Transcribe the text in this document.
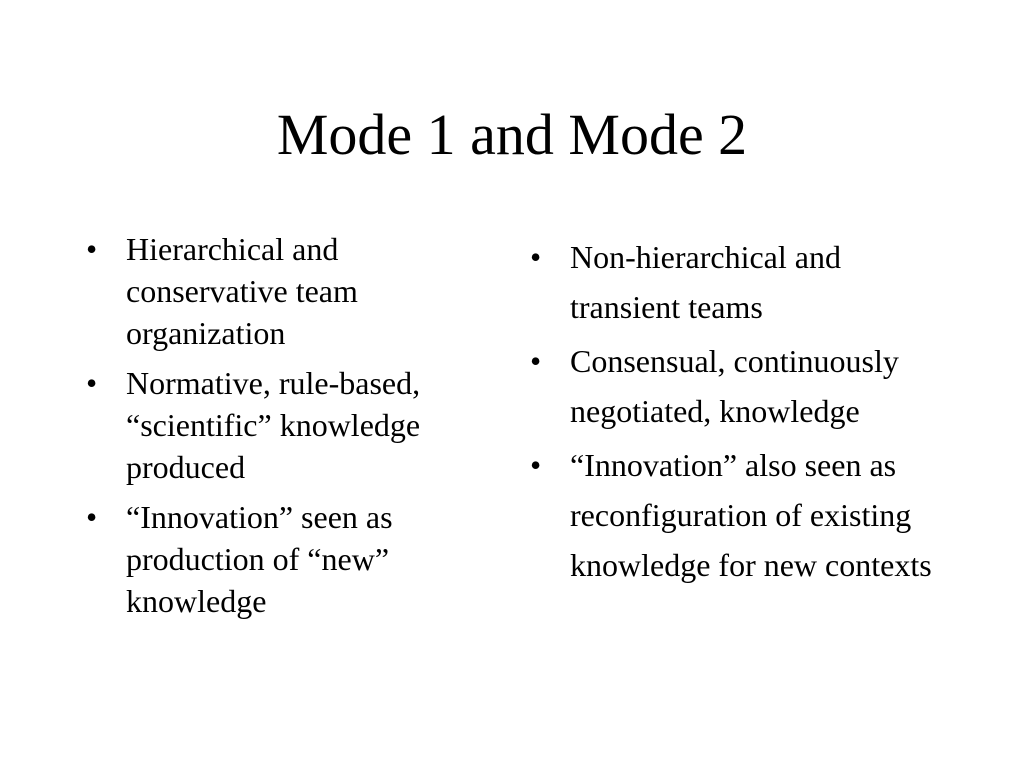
Mode 1 and Mode 2
• Hierarchical and conservative team organization
• Normative, rule-based, “scientific” knowledge produced
• “Innovation” seen as production of “new” knowledge
• Non-hierarchical and transient teams
• Consensual, continuously negotiated, knowledge
• “Innovation” also seen as reconfiguration of existing knowledge for new contexts
